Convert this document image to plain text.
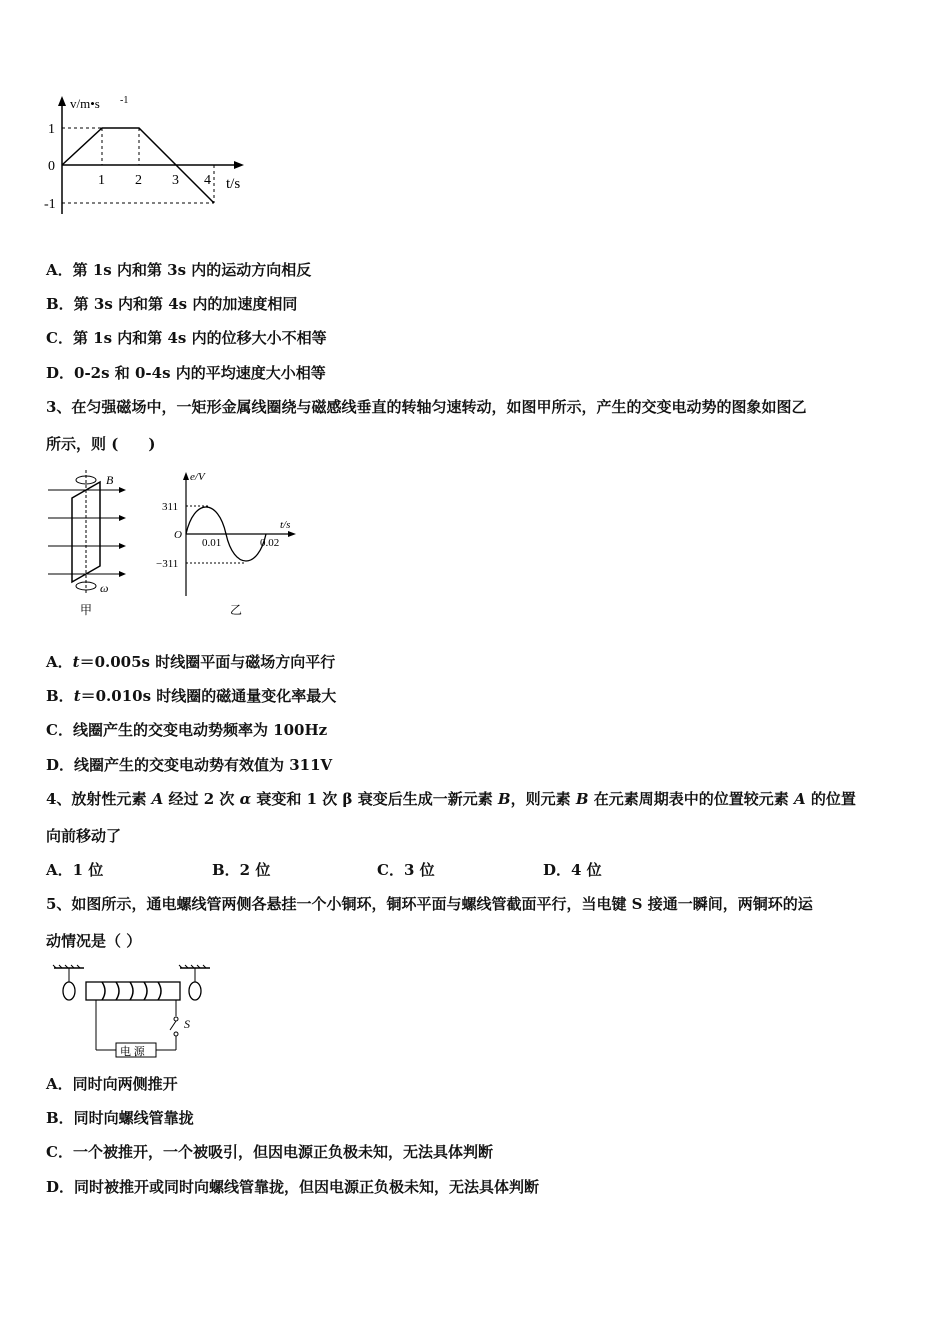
v/m•s -1
1
0
-1
1 2 3 4 t/s
A．第 1s 内和第 3s 内的运动方向相反
B．第 3s 内和第 4s 内的加速度相同
C．第 1s 内和第 4s 内的位移大小不相等
D．0-2s 和 0-4s 内的平均速度大小相等
3、在匀强磁场中，一矩形金属线圈绕与磁感线垂直的转轴匀速转动，如图甲所示，产生的交变电动势的图象如图乙
所示，则 (　　)
B
ω
甲
e/V
t/s
311
O
−311
0.01	0.02
乙
A．t＝0.005s 时线圈平面与磁场方向平行
B．t＝0.010s 时线圈的磁通量变化率最大
C．线圈产生的交变电动势频率为 100Hz
D．线圈产生的交变电动势有效值为 311V
4、放射性元素 A 经过 2 次 α 衰变和 1 次 β 衰变后生成一新元素 B，则元素 B 在元素周期表中的位置较元素 A 的位置
向前移动了
A．1 位	B．2 位	C．3 位	D．4 位
5、如图所示，通电螺线管两侧各悬挂一个小铜环，铜环平面与螺线管截面平行，当电键 S 接通一瞬间，两铜环的运
动情况是（ ）
S
电 源
A．同时向两侧推开
B．同时向螺线管靠拢
C．一个被推开，一个被吸引，但因电源正负极未知，无法具体判断
D．同时被推开或同时向螺线管靠拢，但因电源正负极未知，无法具体判断
